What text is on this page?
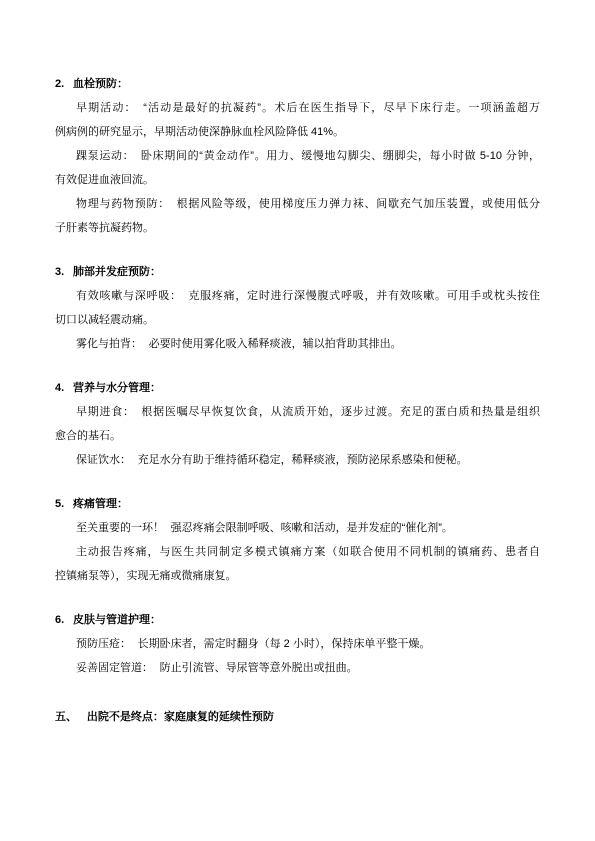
2. 血栓预防：
早期活动： “活动是最好的抗凝药”。术后在医生指导下，尽早下床行走。一项涵盖超万
例病例的研究显示，早期活动使深静脉血栓风险降低 41%。
踝泵运动： 卧床期间的“黄金动作”。用力、缓慢地勾脚尖、绷脚尖，每小时做 5-10 分钟，
有效促进血液回流。
物理与药物预防： 根据风险等级，使用梯度压力弹力袜、间歇充气加压装置，或使用低分
子肝素等抗凝药物。
3. 肺部并发症预防：
有效咳嗽与深呼吸： 克服疼痛，定时进行深慢腹式呼吸，并有效咳嗽。可用手或枕头按住
切口以减轻震动痛。
雾化与拍背： 必要时使用雾化吸入稀释痰液，辅以拍背助其排出。
4. 营养与水分管理：
早期进食： 根据医嘱尽早恢复饮食，从流质开始，逐步过渡。充足的蛋白质和热量是组织
愈合的基石。
保证饮水： 充足水分有助于维持循环稳定，稀释痰液，预防泌尿系感染和便秘。
5. 疼痛管理：
至关重要的一环！ 强忍疼痛会限制呼吸、咳嗽和活动，是并发症的“催化剂”。
主动报告疼痛，与医生共同制定多模式镇痛方案（如联合使用不同机制的镇痛药、患者自
控镇痛泵等），实现无痛或微痛康复。
6. 皮肤与管道护理：
预防压疮： 长期卧床者，需定时翻身（每 2 小时），保持床单平整干燥。
妥善固定管道： 防止引流管、导尿管等意外脱出或扭曲。
五、 出院不是终点：家庭康复的延续性预防
